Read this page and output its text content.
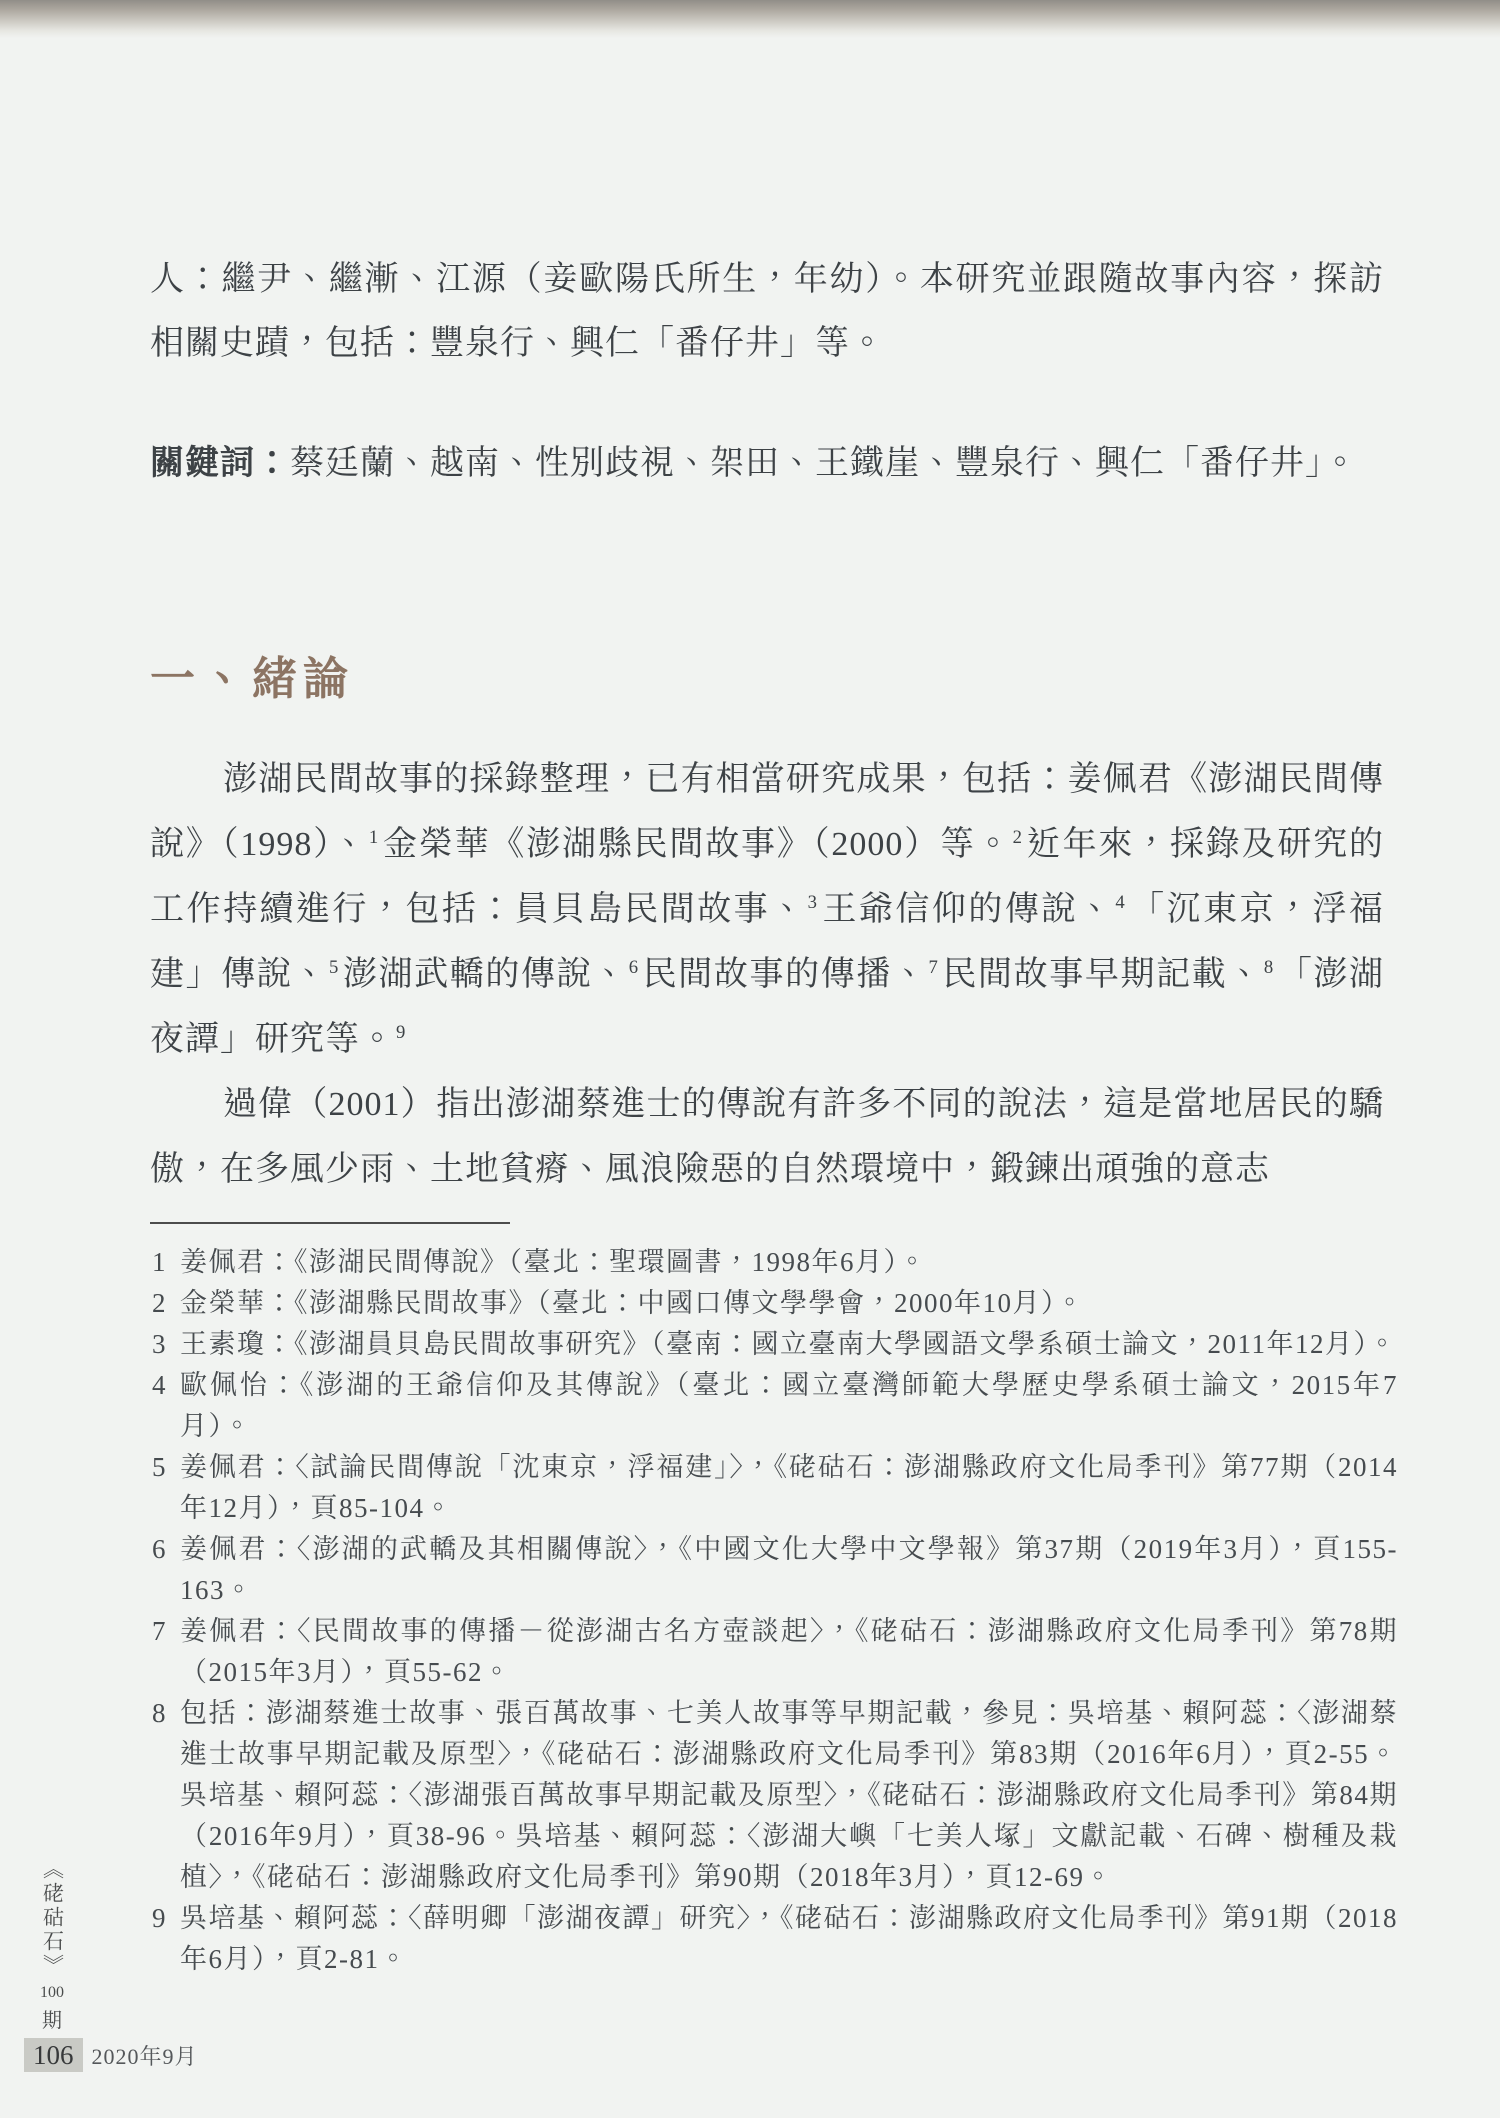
人：繼尹、繼漸、江源（妾歐陽氏所生，年幼）。本研究並跟隨故事內容，探訪相關史蹟，包括：豐泉行、興仁「番仔井」等。

關鍵詞：蔡廷蘭、越南、性別歧視、架田、王鐵崖、豐泉行、興仁「番仔井」。

一、緒論

澎湖民間故事的採錄整理，已有相當研究成果，包括：姜佩君《澎湖民間傳說》（1998）、$^1$金榮華《澎湖縣民間故事》（2000）等。$^2$近年來，採錄及研究的工作持續進行，包括：員貝島民間故事、$^3$王爺信仰的傳說、$^4$「沉東京，浮福建」傳說、$^5$澎湖武轎的傳說、$^6$民間故事的傳播、$^7$民間故事早期記載、$^8$「澎湖夜譚」研究等。$^9$

過偉（2001）指出澎湖蔡進士的傳說有許多不同的說法，這是當地居民的驕傲，在多風少雨、土地貧瘠、風浪險惡的自然環境中，鍛鍊出頑強的意志

1 姜佩君：《澎湖民間傳說》（臺北：聖環圖書，1998年6月）。
2 金榮華：《澎湖縣民間故事》（臺北：中國口傳文學學會，2000年10月）。
3 王素瓊：《澎湖員貝島民間故事研究》（臺南：國立臺南大學國語文學系碩士論文，2011年12月）。
4 歐佩怡：《澎湖的王爺信仰及其傳說》（臺北：國立臺灣師範大學歷史學系碩士論文，2015年7月）。
5 姜佩君：〈試論民間傳說「沈東京，浮福建」〉，《硓𥑮石：澎湖縣政府文化局季刊》第77期（2014年12月），頁85-104。
6 姜佩君：〈澎湖的武轎及其相關傳說〉，《中國文化大學中文學報》第37期（2019年3月），頁155-163。
7 姜佩君：〈民間故事的傳播－從澎湖古名方壺談起〉，《硓𥑮石：澎湖縣政府文化局季刊》第78期（2015年3月），頁55-62。
8 包括：澎湖蔡進士故事、張百萬故事、七美人故事等早期記載，參見：吳培基、賴阿蕊：〈澎湖蔡進士故事早期記載及原型〉，《硓𥑮石：澎湖縣政府文化局季刊》第83期（2016年6月），頁2-55。吳培基、賴阿蕊：〈澎湖張百萬故事早期記載及原型〉，《硓𥑮石：澎湖縣政府文化局季刊》第84期（2016年9月），頁38-96。吳培基、賴阿蕊：〈澎湖大嶼「七美人塚」文獻記載、石碑、樹種及栽植〉，《硓𥑮石：澎湖縣政府文化局季刊》第90期（2018年3月），頁12-69。
9 吳培基、賴阿蕊：〈薛明卿「澎湖夜譚」研究〉，《硓𥑮石：澎湖縣政府文化局季刊》第91期（2018年6月），頁2-81。
《硓𥑮石》
100
期
106 2020年9月
